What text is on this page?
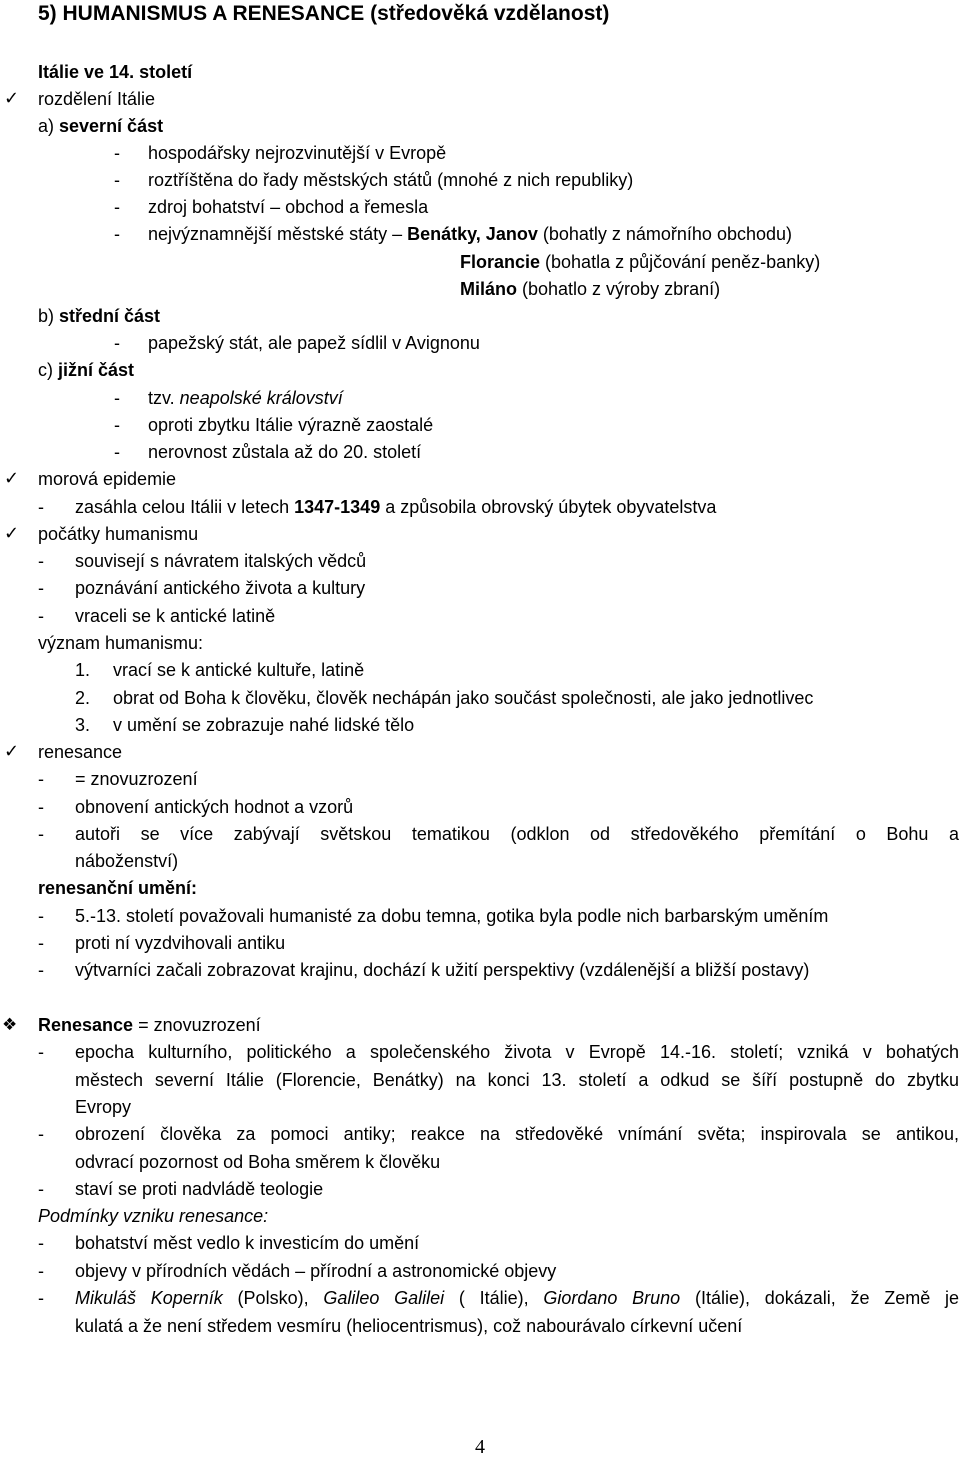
5) HUMANISMUS A RENESANCE (středověká vzdělanost)
Itálie ve 14. století
✓ rozdělení Itálie
a) severní část
- hospodářsky nejrozvinutější v Evropě
- roztříštěna do řady městských států (mnohé z nich republiky)
- zdroj bohatství – obchod a řemesla
- nejvýznamnější městské státy – Benátky, Janov (bohatly z námořního obchodu)
Florancie (bohatla z půjčování peněz-banky)
Miláno (bohatlo z výroby zbraní)
b) střední část
- papežský stát, ale papež sídlil v Avignonu
c) jižní část
- tzv. neapolské království
- oproti zbytku Itálie výrazně zaostalé
- nerovnost zůstala až do 20. století
✓ morová epidemie
- zasáhla celou Itálii v letech 1347-1349 a způsobila obrovský úbytek obyvatelstva
✓ počátky humanismu
- souvisejí s návratem italských vědců
- poznávání antického života a kultury
- vraceli se k antické latině
význam humanismu:
1. vrací se k antické kultuře, latině
2. obrat od Boha k člověku, člověk nechápán jako součást společnosti, ale jako jednotlivec
3. v umění se zobrazuje nahé lidské tělo
✓ renesance
- = znovuzrození
- obnovení antických hodnot a vzorů
- autoři se více zabývají světskou tematikou (odklon od středověkého přemítání o Bohu a
náboženství)
renesanční umění:
- 5.-13. století považovali humanisté za dobu temna, gotika byla podle nich barbarským uměním
- proti ní vyzdvihovali antiku
- výtvarníci začali zobrazovat krajinu, dochází k užití perspektivy (vzdálenější a bližší postavy)
❖ Renesance = znovuzrození
- epocha kulturního, politického a společenského života v Evropě 14.-16. století; vzniká v bohatých
městech severní Itálie (Florencie, Benátky) na konci 13. století a odkud se šíří postupně do zbytku
Evropy
- obrození člověka za pomoci antiky; reakce na středověké vnímání světa; inspirovala se antikou,
odvrací pozornost od Boha směrem k člověku
- staví se proti nadvládě teologie
Podmínky vzniku renesance:
- bohatství měst vedlo k investicím do umění
- objevy v přírodních vědách – přírodní a astronomické objevy
- Mikuláš Koperník (Polsko), Galileo Galilei ( Itálie), Giordano Bruno (Itálie), dokázali, že Země je
kulatá a že není středem vesmíru (heliocentrismus), což nabourávalo církevní učení
4
